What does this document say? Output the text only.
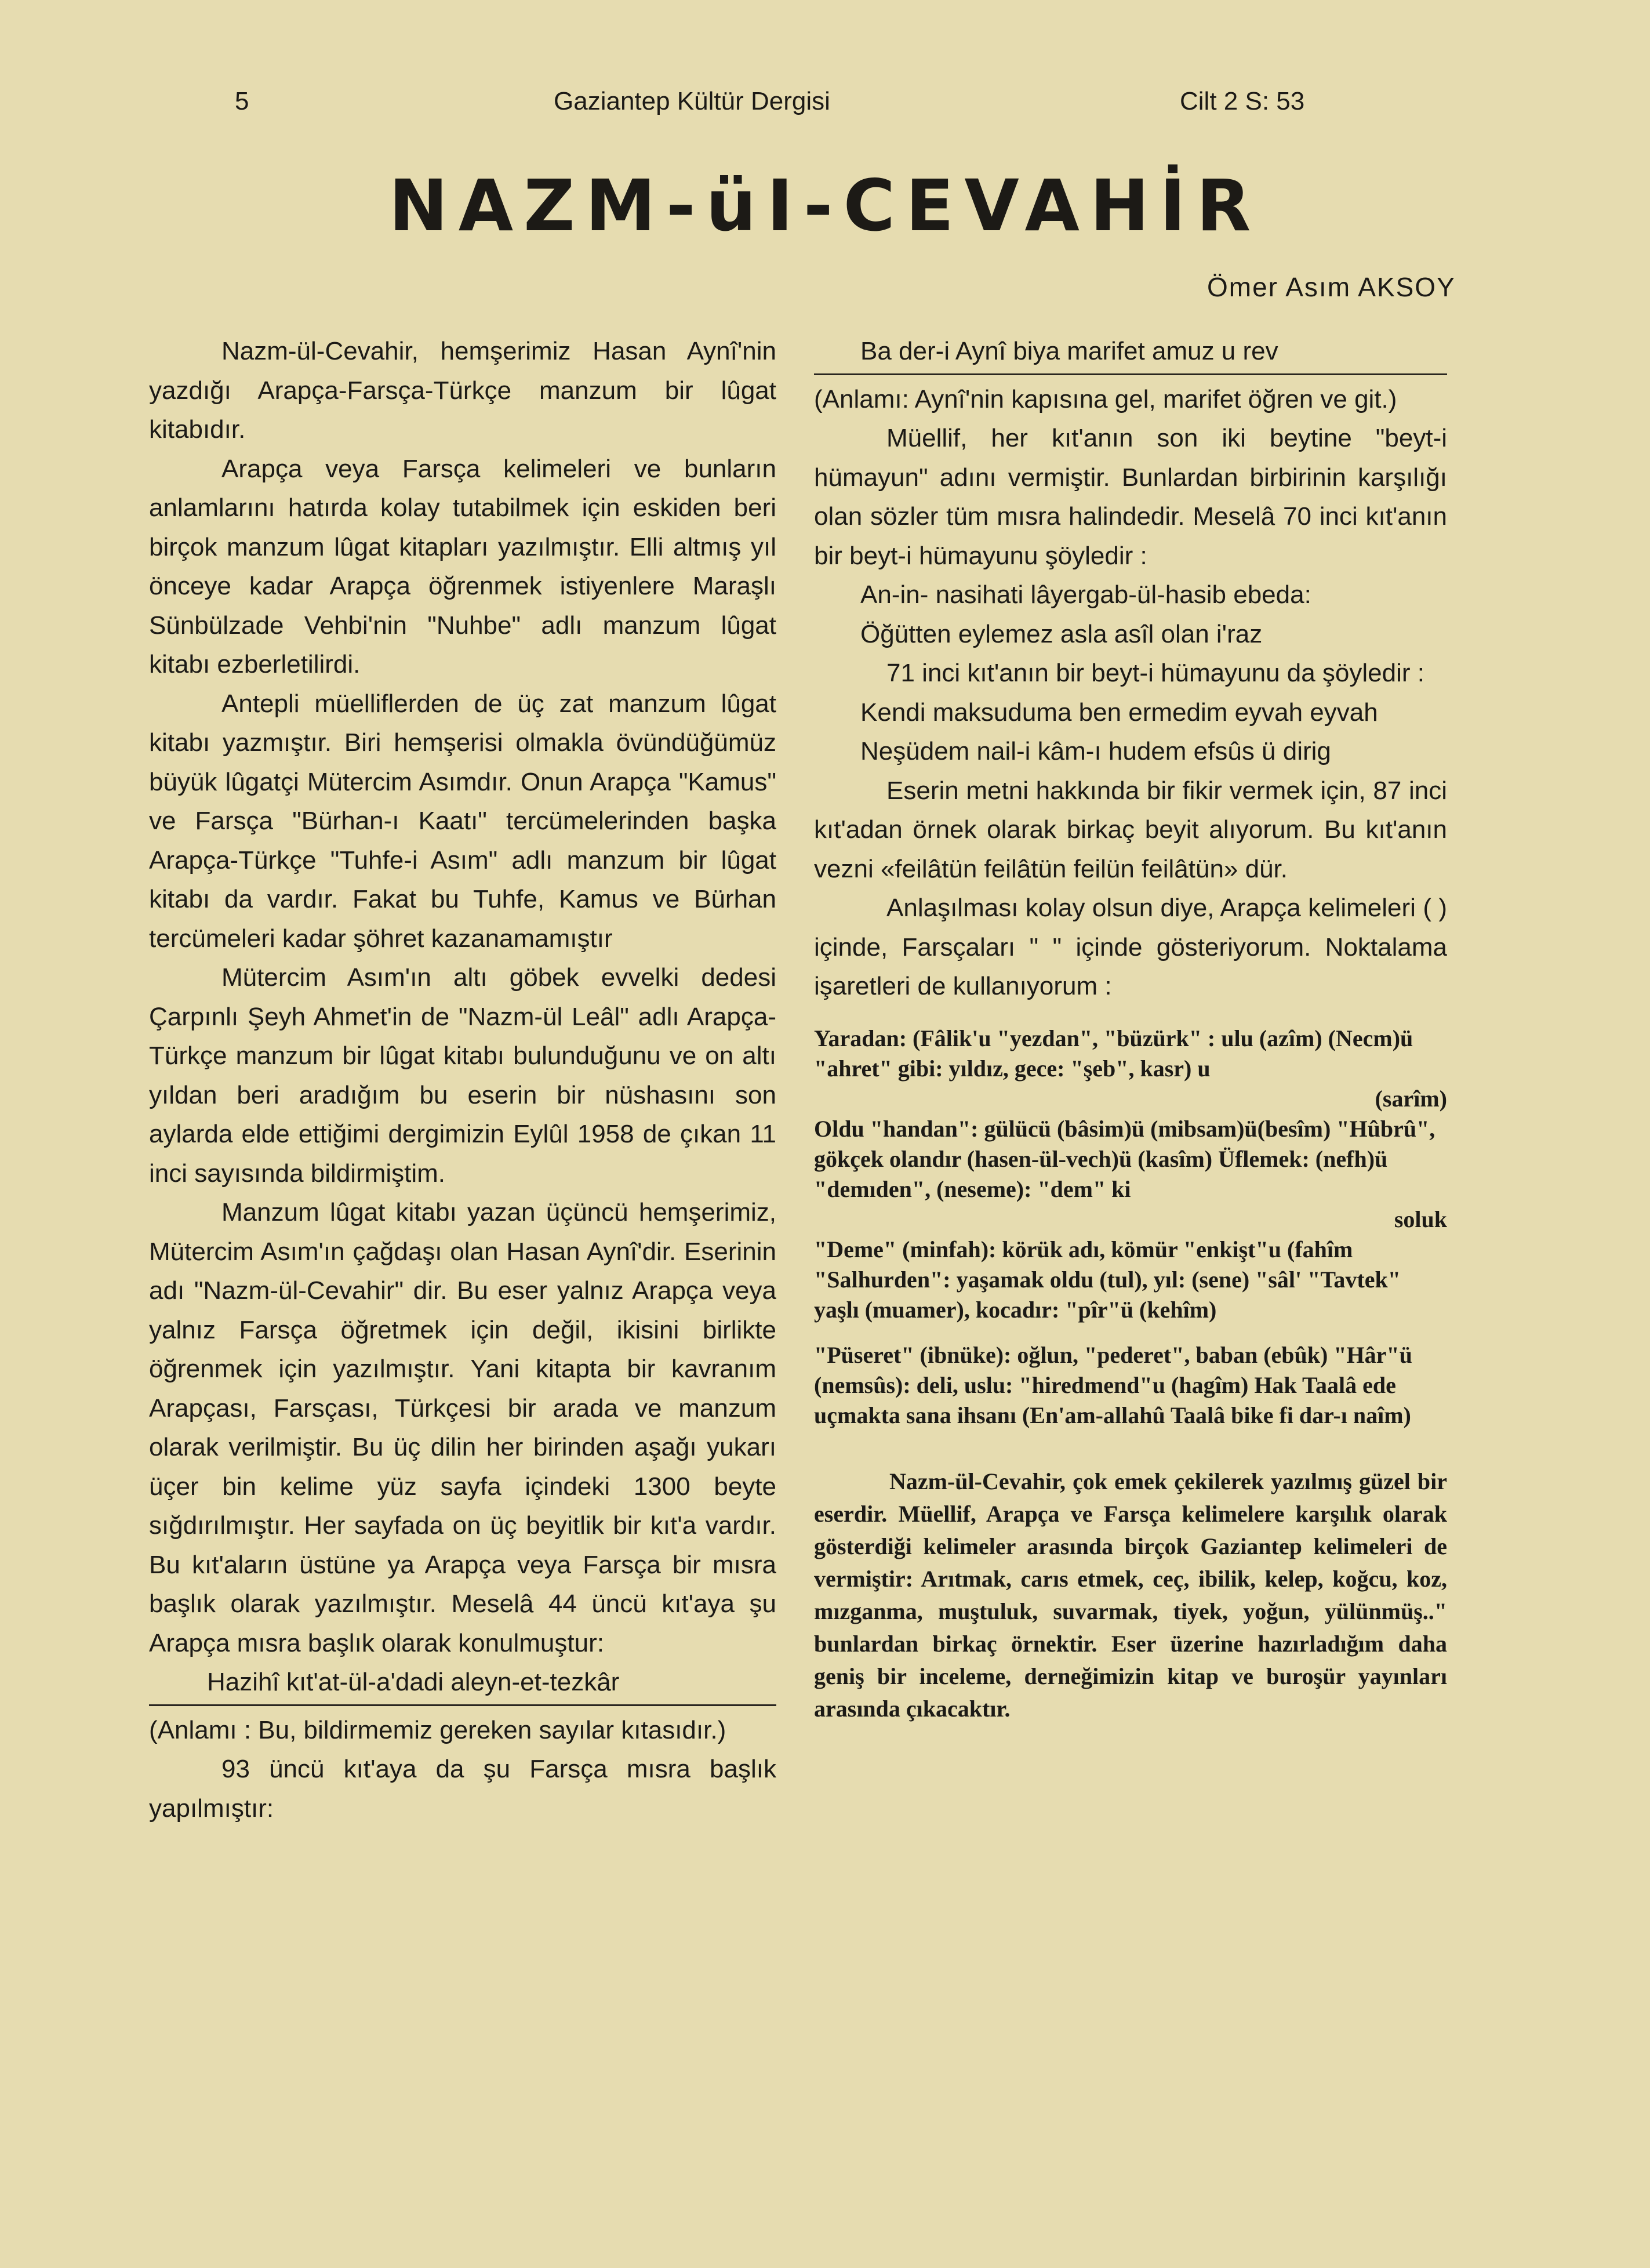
5	Gaziantep Kültür Dergisi	Cilt 2 S: 53
NAZM-üI-CEVAHİR
Ömer Asım AKSOY

Nazm-ül-Cevahir, hemşerimiz Hasan Aynî'nin yazdığı Arapça-Farsça-Türkçe manzum bir lûgat kitabıdır.

Arapça veya Farsça kelimeleri ve bunların anlamlarını hatırda kolay tutabilmek için eskiden beri birçok manzum lûgat kitapları yazılmıştır. Elli altmış yıl önceye kadar Arapça öğrenmek istiyenlere Maraşlı Sünbülzade Vehbi'nin "Nuhbe" adlı manzum lûgat kitabı ezberletilirdi.

Antepli müelliflerden de üç zat manzum lûgat kitabı yazmıştır. Biri hemşerisi olmakla övündüğümüz büyük lûgatçi Mütercim Asımdır. Onun Arapça "Kamus" ve Farsça "Bürhan-ı Kaatı" tercümelerinden başka Arapça-Türkçe "Tuhfe-i Asım" adlı manzum bir lûgat kitabı da vardır. Fakat bu Tuhfe, Kamus ve Bürhan tercümeleri kadar şöhret kazanamamıştır

Mütercim Asım'ın altı göbek evvelki dedesi Çarpınlı Şeyh Ahmet'in de "Nazm-ül Leâl" adlı Arapça-Türkçe manzum bir lûgat kitabı bulunduğunu ve on altı yıldan beri aradığım bu eserin bir nüshasını son aylarda elde ettiğimi dergimizin Eylûl 1958 de çıkan 11 inci sayısında bildirmiştim.

Manzum lûgat kitabı yazan üçüncü hemşerimiz, Mütercim Asım'ın çağdaşı olan Hasan Aynî'dir. Eserinin adı "Nazm-ül-Cevahir" dir. Bu eser yalnız Arapça veya yalnız Farsça öğretmek için değil, ikisini birlikte öğrenmek için yazılmıştır. Yani kitapta bir kavranım Arapçası, Farsçası, Türkçesi bir arada ve manzum olarak verilmiştir. Bu üç dilin her birinden aşağı yukarı üçer bin kelime yüz sayfa içindeki 1300 beyte sığdırılmıştır. Her sayfada on üç beyitlik bir kıt'a vardır. Bu kıt'aların üstüne ya Arapça veya Farsça bir mısra başlık olarak yazılmıştır. Meselâ 44 üncü kıt'aya şu Arapça mısra başlık olarak konulmuştur:

Hazihî kıt'at-ül-a'dadi aleyn-et-tezkâr

(Anlamı : Bu, bildirmemiz gereken sayılar kıtasıdır.)

93 üncü kıt'aya da şu Farsça mısra başlık yapılmıştır:

Ba der-i Aynî biya marifet amuz u rev

(Anlamı: Aynî'nin kapısına gel, marifet öğren ve git.)

Müellif, her kıt'anın son iki beytine "beyt-i hümayun" adını vermiştir. Bunlardan birbirinin karşılığı olan sözler tüm mısra halindedir. Meselâ 70 inci kıt'anın bir beyt-i hümayunu şöyledir :

An-in- nasihati lâyergab-ül-hasib ebeda:

Öğütten eylemez asla asîl olan i'raz

71 inci kıt'anın bir beyt-i hümayunu da şöyledir :

Kendi maksuduma ben ermedim eyvah eyvah

Neşüdem nail-i kâm-ı hudem efsûs ü dirig

Eserin metni hakkında bir fikir vermek için, 87 inci kıt'adan örnek olarak birkaç beyit alıyorum. Bu kıt'anın vezni «feilâtün feilâtün feilün feilâtün» dür.

Anlaşılması kolay olsun diye, Arapça kelimeleri ( ) içinde, Farsçaları " " içinde gösteriyorum. Noktalama işaretleri de kullanıyorum :

Yaradan: (Fâlik'u "yezdan", "büzürk" : ulu (azîm) (Necm)ü "ahret" gibi: yıldız, gece: "şeb", kasr) u

(sarîm)

Oldu "handan": gülücü (bâsim)ü (mibsam)ü(besîm) "Hûbrû", gökçek olandır (hasen-ül-vech)ü (kasîm) Üflemek: (nefh)ü "demıden", (neseme): "dem" ki

soluk

"Deme" (minfah): körük adı, kömür "enkişt"u (fahîm "Salhurden": yaşamak oldu (tul), yıl: (sene) "sâl' "Tavtek" yaşlı (muamer), kocadır: "pîr"ü (kehîm)

"Püseret" (ibnüke): oğlun, "pederet", baban (ebûk) "Hâr"ü (nemsûs): deli, uslu: "hiredmend"u (hagîm) Hak Taalâ ede uçmakta sana ihsanı (En'am-allahû Taalâ bike fi dar-ı naîm)

Nazm-ül-Cevahir, çok emek çekilerek yazılmış güzel bir eserdir. Müellif, Arapça ve Farsça kelimelere karşılık olarak gösterdiği kelimeler arasında birçok Gaziantep kelimeleri de vermiştir: Arıtmak, carıs etmek, ceç, ibilik, kelep, koğcu, koz, mızganma, muştuluk, suvarmak, tiyek, yoğun, yülünmüş.." bunlardan birkaç örnektir. Eser üzerine hazırladığım daha geniş bir inceleme, derneğimizin kitap ve buroşür yayınları arasında çıkacaktır.
